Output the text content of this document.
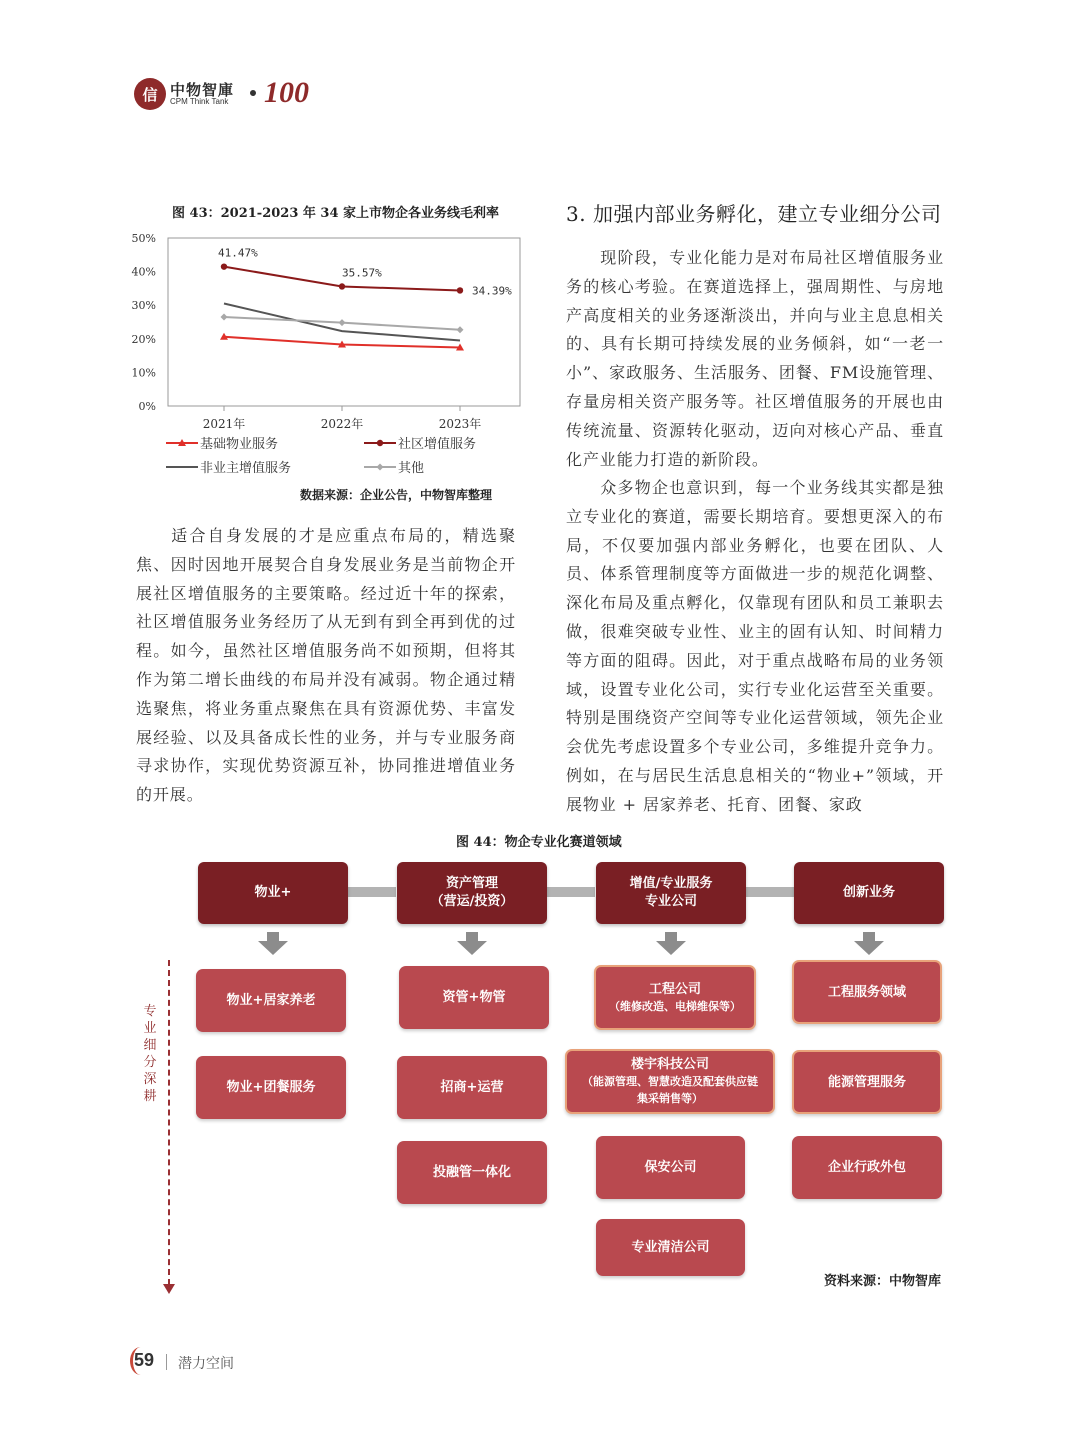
信 中物智庫
CPM Think Tank 100
图 43：2021-2023 年 34 家上市物企各业务线毛利率
0%
10%
20%
30%
40%
50%
2021年	2022年	2023年
41.47%
35.57%
34.39%
基础物业服务	社区增值服务
非业主增值服务	其他
数据来源：企业公告，中物智库整理
适合自身发展的才是应重点布局的，精选聚焦、因时因地开展契合自身发展业务是当前物企开展社区增值服务的主要策略。经过近十年的探索，社区增值服务业务经历了从无到有到全再到优的过程。如今，虽然社区增值服务尚不如预期，但将其作为第二增长曲线的布局并没有减弱。物企通过精选聚焦，将业务重点聚焦在具有资源优势、丰富发展经验、以及具备成长性的业务，并与专业服务商寻求协作，实现优势资源互补，协同推进增值业务的开展。
3. 加强内部业务孵化，建立专业细分公司
现阶段，专业化能力是对布局社区增值服务业务的核心考验。在赛道选择上，强周期性、与房地产高度相关的业务逐渐淡出，并向与业主息息相关的、具有长期可持续发展的业务倾斜，如“一老一小”、家政服务、生活服务、团餐、FM设施管理、存量房相关资产服务等。社区增值服务的开展也由传统流量、资源转化驱动，迈向对核心产品、垂直化产业能力打造的新阶段。
众多物企也意识到，每一个业务线其实都是独立专业化的赛道，需要长期培育。要想更深入的布局，不仅要加强内部业务孵化，也要在团队、人员、体系管理制度等方面做进一步的规范化调整、深化布局及重点孵化，仅靠现有团队和员工兼职去做，很难突破专业性、业主的固有认知、时间精力等方面的阻碍。因此，对于重点战略布局的业务领域，设置专业化公司，实行专业化运营至关重要。特别是围绕资产空间等专业化运营领域，领先企业会优先考虑设置多个专业公司，多维提升竞争力。例如，在与居民生活息息相关的“物业+”领域，开展物业 + 居家养老、托育、团餐、家政
图 44：物企专业化赛道领域
物业+
资产管理
（营运/投资）
增值/专业服务
专业公司
创新业务
物业+居家养老
物业+团餐服务
资管+物管
招商+运营
投融管一体化
工程公司
（维修改造、电梯维保等）
楼宇科技公司
（能源管理、智慧改造及配套供应链集采销售等）
保安公司
专业清洁公司
工程服务领域
能源管理服务
企业行政外包
专业细分深耕
资料来源：中物智库
59 潜力空间
